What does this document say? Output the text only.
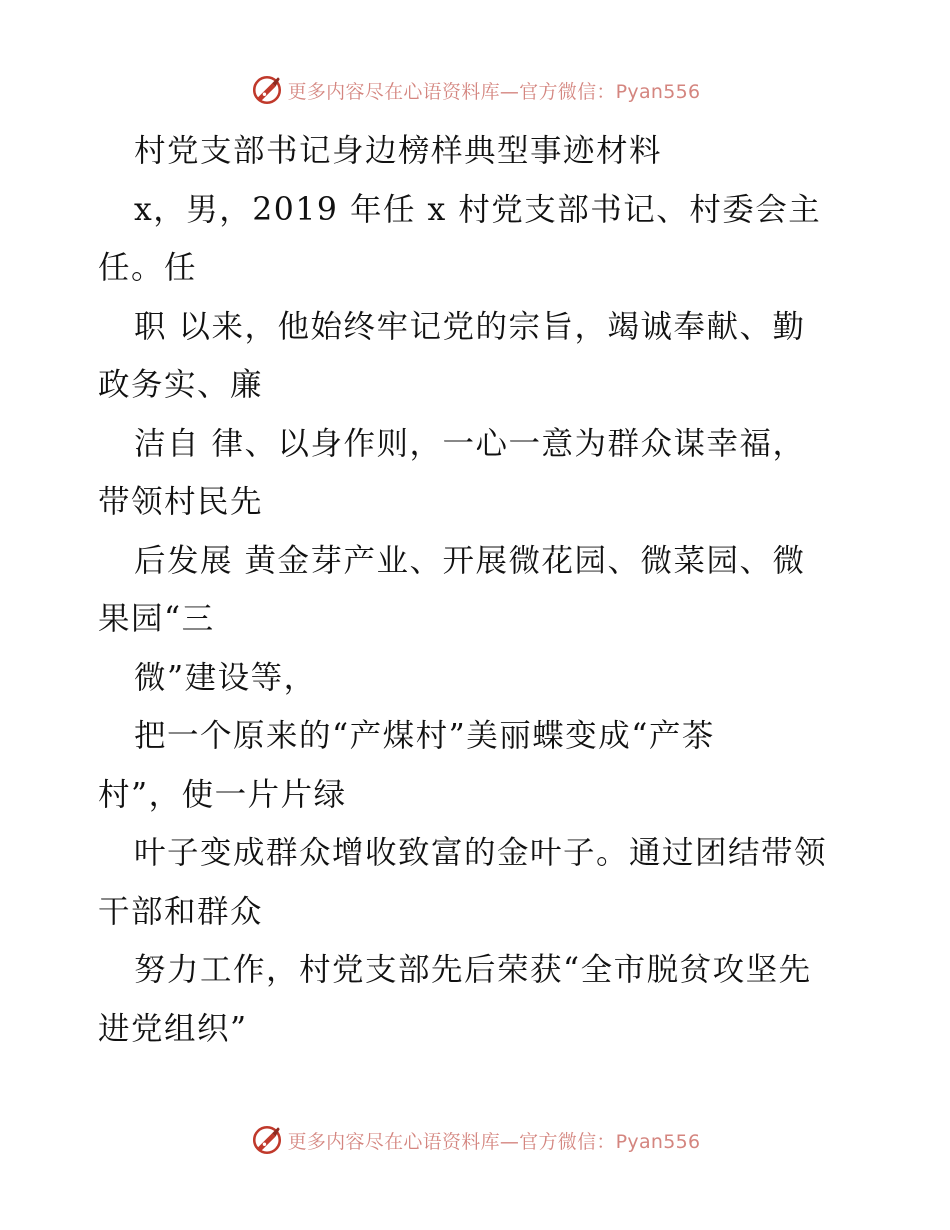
更多内容尽在心语资料库—官方微信：Pyan556
村党支部书记身边榜样典型事迹材料
x，男，2019 年任 x 村党支部书记、村委会主
任。任
职 以来，他始终牢记党的宗旨，竭诚奉献、勤
政务实、廉
洁自 律、以身作则，一心一意为群众谋幸福，
带领村民先
后发展 黄金芽产业、开展微花园、微菜园、微
果园“三
微”建设等，
把一个原来的“产煤村”美丽蝶变成“产茶
村”，使一片片绿
叶子变成群众增收致富的金叶子。通过团结带领
干部和群众
努力工作，村党支部先后荣获“全市脱贫攻坚先
进党组织”
更多内容尽在心语资料库—官方微信：Pyan556
